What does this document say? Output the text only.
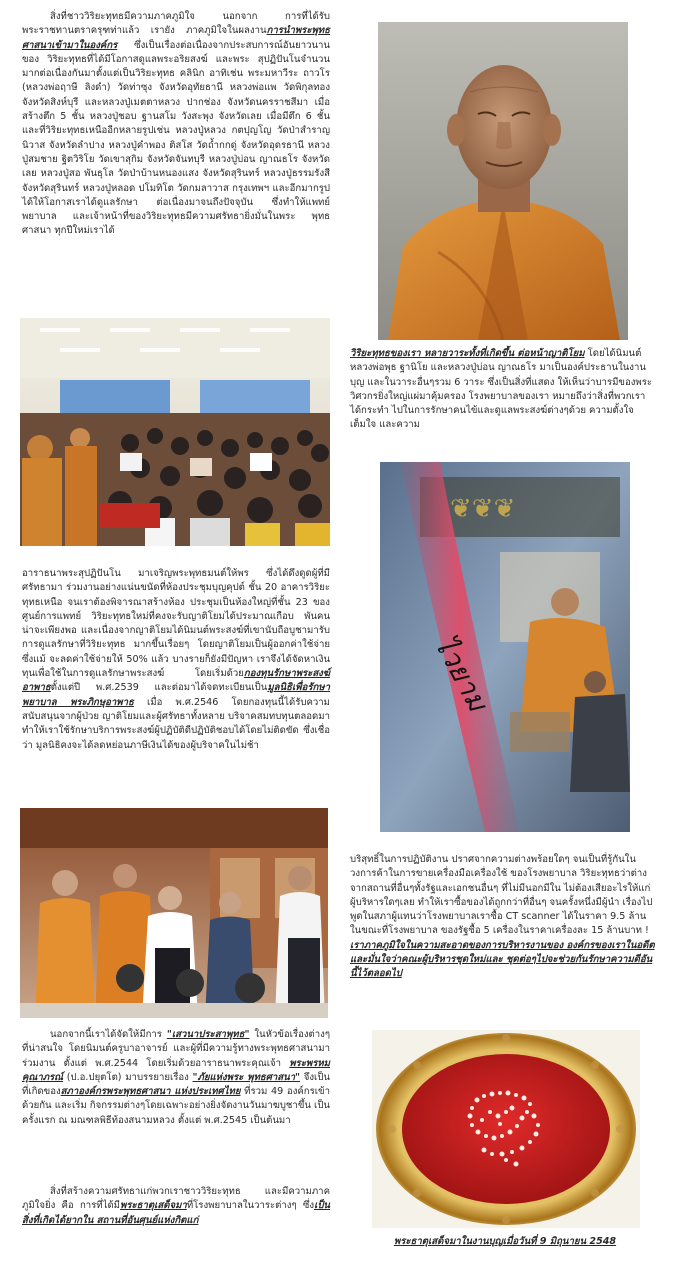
สิ่งที่ชาววิริยะทุทธมีความภาคภูมิใจ นอกจาก การที่ได้รับพระราชทานตราครุฑท่าแล้ว เรายัง ภาคภูมิใจในผลงานการนำพระพุทธศาสนาเข้ามาในองค์กร ซึ่งเป็นเรื่องต่อเนื่องจากประสบการณ์อันยาวนานของ วิริยะทุทธที่ได้มีโอกาสดูแลพระอริยสงฆ์ และพระ สุปฏิปันโนจำนวนมากต่อเนื่องกันมาตั้งแต่เป็นวิริยะทุทธ คลินิก อาทิเช่น พระมหาวีระ ถาวโร (หลวงพ่อฤาษี ลิงดำ) วัดท่าซุง จังหวัดอุทัยธานี หลวงพ่อแพ วัดพิกุลทอง จังหวัดสิงห์บุรี และหลวงปู่เมตตาหลวง ปากช่อง จังหวัดนครราชสีมา เมื่อสร้างตึก 5 ชั้น หลวงปู่ชอบ ฐานสโม วังสะพุง จังหวัดเลย เมื่อมีตึก 6 ชั้น และที่วิริยะทุทธเหนืออีกหลายรูปเช่น หลวงปู่หลวง กตปุญโญ วัดป่าสำราญนิวาส จังหวัดลำปาง หลวงปู่คำพอง ติสโส วัดถ้ำกกดู่ จังหวัดอุดรธานี หลวงปู่สมชาย ฐิตวิริโย วัดเขาสุกิม จังหวัดจันทบุรี หลวงปู่บ่อน ญาณธโร จังหวัดเลย หลวงปู่สอ พันธุโล วัดป่าบ้านหนองแสง จังหวัดสุรินทร์ หลวงปู่ธรรมรังสี จังหวัดสุรินทร์ หลวงปู่หลอด ปโมทิโต วัดกมลาวาส กรุงเทพฯ และอีกมากรูปได้ให้โอกาสเราได้ดูแลรักษา ต่อเนื่องมาจนถึงปัจจุบัน ซึ่งทำให้แพทย์ พยาบาล และเจ้าหน้าที่ของวิริยะทุทธมีความศรัทธายิ่งมั่นในพระ พุทธศาสนา ทุกปีใหม่เราได้
วิริยะทุทธของเรา หลายวาระทั้งที่เกิดขึ้น ต่อหน้าญาติโยม โดยได้นิมนต์หลวงพ่อพุธ ฐานิโย และหลวงปู่บ่อน ญาณธโร มาเป็นองค์ประธานในงาน บุญ และในวาระอื่นๆรวม 6 วาระ ซึ่งเป็นสิ่งที่แสดง ให้เห็นว่าบารมีของพระวิศวกรยิ่งใหญ่แผ่มาคุ้มครอง โรงพยาบาลของเรา หมายถึงว่าสิ่งที่พวกเราได้กระทำ ไปในการรักษาคนไข้และดูแลพระสงฆ์ต่างๆด้วย ความตั้งใจ เต็มใจ และความ
❦❦❦
ไวยาม
อาราธนาพระสุปฏิปันโน มาเจริญพระพุทธมนต์ให้พร ซึ่งได้ดึงดูดผู้ที่มีศรัทธามา ร่วมงานอย่างแน่นขนัดที่ห้องประชุมบุญคุปต์ ชั้น 20 อาคารวิริยะทุทธเหนือ จนเราต้องพิจารณาสร้างห้อง ประชุมเป็นห้องใหญ่ที่ชั้น 23 ของศูนย์การแพทย์ วิริยะทุทธใหม่ที่คงจะรับญาติโยมได้ประมาณเกือบ พันคน น่าจะเพียงพอ และเนื่องจากญาติโยมได้นิมนต์พระสงฆ์ที่เขานับถือบูชามารับการดูแลรักษาที่วิริยะทุทธ มากขึ้นเรื่อยๆ โดยญาติโยมเป็นผู้ออกค่าใช้จ่าย ซึ่งแม้ จะลดค่าใช้จ่ายให้ 50% แล้ว บางรายก็ยังมีปัญหา เราจึงได้จัดหาเงินทุนเพื่อใช้ในการดูแลรักษาพระสงฆ์ โดยเริ่มด้วยกองทุนรักษาพระสงฆ์อาพาธตั้งแต่ปี พ.ศ.2539 และต่อมาได้จดทะเบียนเป็นมูลนิธิเพื่อรักษาพยาบาล พระภิกษุอาพาธ เมื่อ พ.ศ.2546 โดยกองทุนนี้ได้รับความ สนับสนุนจากผู้ป่วย ญาติโยมและผู้ศรัทธาทั้งหลาย บริจาคสมทบทุนตลอดมา ทำให้เราใช้รักษาบริการพระสงฆ์ผู้ปฏิบัติดีปฏิบัติชอบได้โดยไม่ติดขัด ซึ่งเชื่อว่า มูลนิธิคงจะได้ลดหย่อนภาษีเงินได้ของผู้บริจาคในไม่ช้า
บริสุทธิ์ในการปฏิบัติงาน ปราศจากความต่างพร้อยใดๆ จนเป็นที่รู้กันในวงการค้าในการขายเครื่องมือเครื่องใช้ ของโรงพยาบาล วิริยะทุทธว่าต่างจากสถานที่อื่นๆทั้งรัฐและเอกชนอื่นๆ ที่ไม่มีนอกมีใน ไม่ต้องเสียอะไรให้แก่ผู้บริหารใดๆเลย ทำให้เราซื้อของได้ถูกกว่าที่อื่นๆ จนครั้งหนึ่งมีผู้นำ เรื่องไปพูดในสภาผู้แทนว่าโรงพยาบาลเราซื้อ CT scanner ได้ในราคา 9.5 ล้านในขณะที่โรงพยาบาล ของรัฐซื้อ 5 เครื่องในราคาเครื่องละ 15 ล้านบาท ! เราภาคภูมิใจในความสะอาดของการบริหารงานของ องค์กรของเราในอดีต และมั่นใจว่าคณะผู้บริหารชุดใหม่และ ชุดต่อๆไปจะช่วยกันรักษาความดีอันนี้ไว้ตลอดไป
นอกจากนี้เราได้จัดให้มีการ "เสวนาประสาพุทธ" ในหัวข้อเรื่องต่างๆที่น่าสนใจ โดยนิมนต์ครูบาอาจารย์ และผู้ที่มีความรู้ทางพระพุทธศาสนามาร่วมงาน ตั้งแต่ พ.ศ.2544 โดยเริ่มด้วยอาราธนาพระคุณเจ้า พระพรหม คุณาภรณ์ (ป.อ.ปยุตโต) มาบรรยายเรื่อง "ภัยแห่งพระ พุทธศาสนา" จึงเป็นที่เกิดของสภาองค์กรพระพุทธศาสนา แห่งประเทศไทย ที่รวม 49 องค์กรเข้าด้วยกัน และเริ่ม กิจกรรมต่างๆโดยเฉพาะอย่างยิ่งจัดงานวันมาฆบูชาขึ้น เป็นครั้งแรก ณ มณฑลพิธีท้องสนามหลวง ตั้งแต่ พ.ศ.2545 เป็นต้นมา
สิ่งที่สร้างความศรัทธาแก่พวกเราชาววิริยะทุทธ และมีความภาคภูมิใจยิ่ง คือ การที่ได้มีพระธาตุเสด็จมาที่โรงพยาบาลในวาระต่างๆ ซึ่งเป็นสิ่งที่เกิดได้ยากใน สถานที่อันศุนย์แห่งกิตแก่
พระธาตุเสด็จมาในงานบุญเมื่อวันที่ 9 มิถุนายน 2548
